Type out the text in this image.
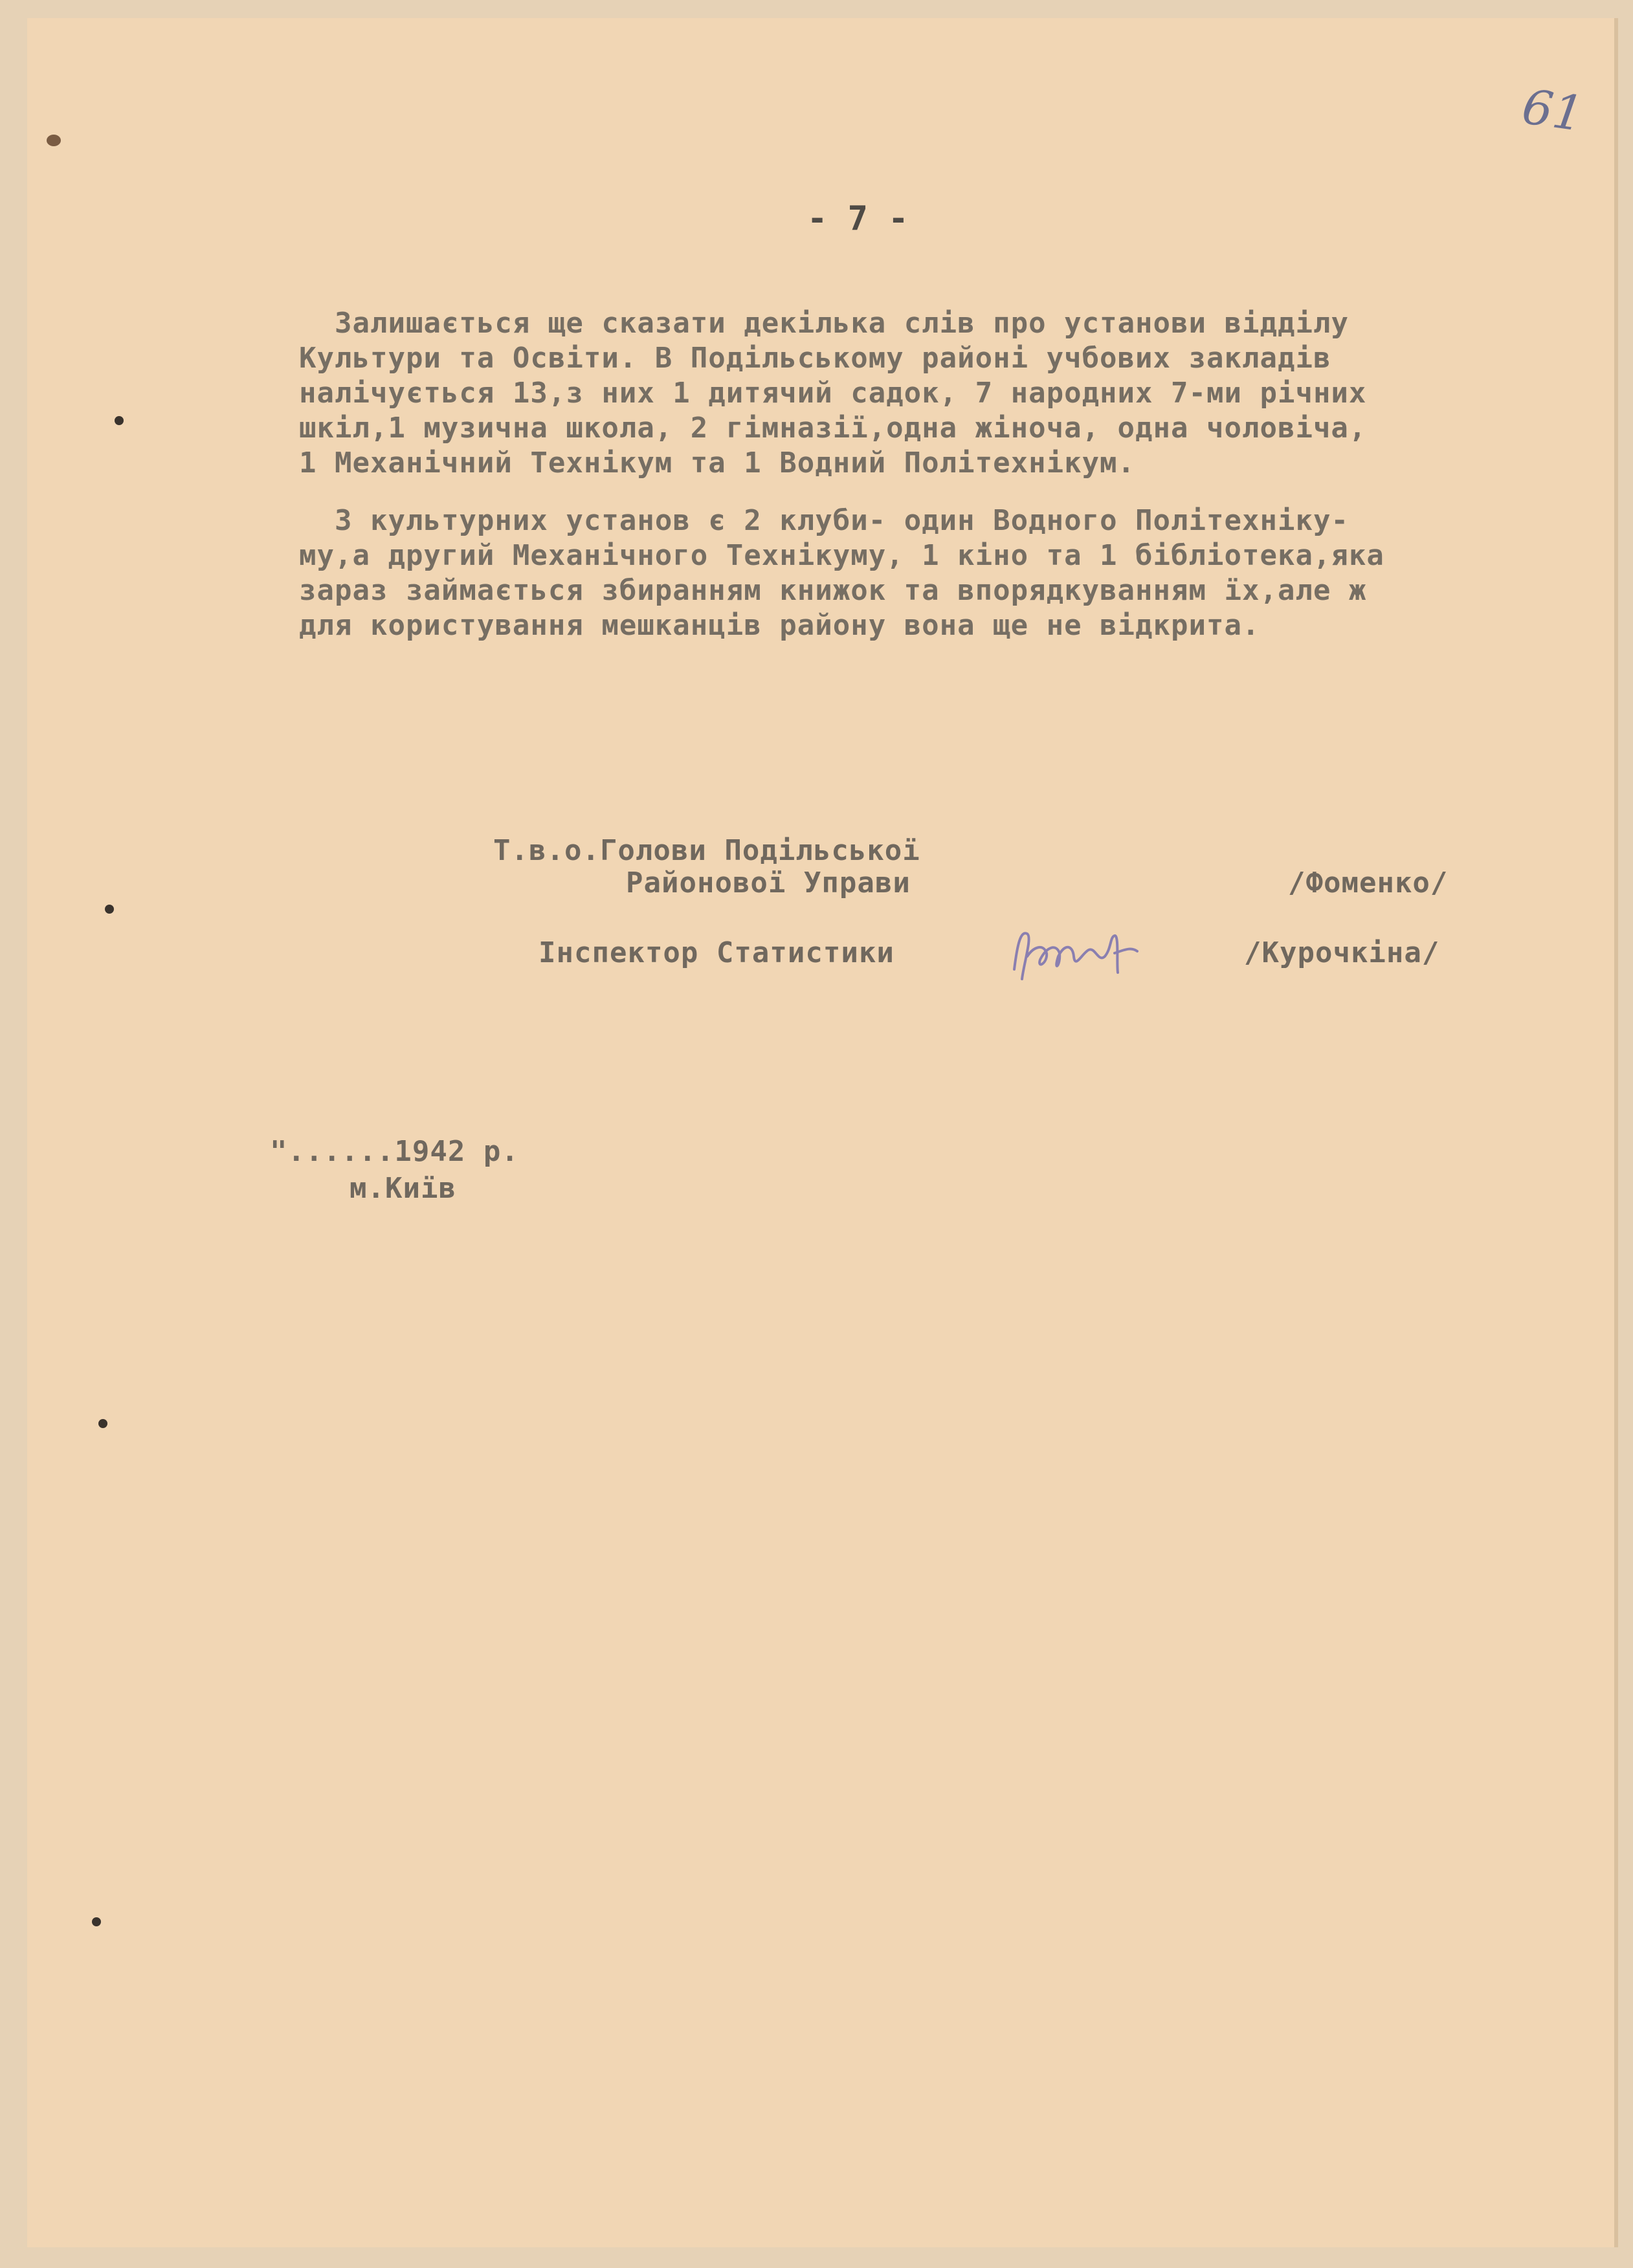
61
- 7 -
Залишається ще сказати декілька слів про установи відділу
Культури та Освіти. В Подільському районі учбових закладів
налічується 13,з них 1 дитячий садок, 7 народних 7-ми річних
шкіл,1 музична школа, 2 гімназії,одна жіноча, одна чоловіча,
1 Механічний Технікум та 1 Водний Політехнікум.
З культурних установ є 2 клуби- один Водного Політехніку-
му,а другий Механічного Технікуму, 1 кіно та 1 бібліотека,яка
зараз займається збиранням книжок та впорядкуванням їх,але ж
для користування мешканців району вона ще не відкрита.
Т.в.о.Голови Подільської
Районової Управи	/Фоменко/
Інспектор Статистики	/Курочкіна/
"......1942 р.
м.Київ
